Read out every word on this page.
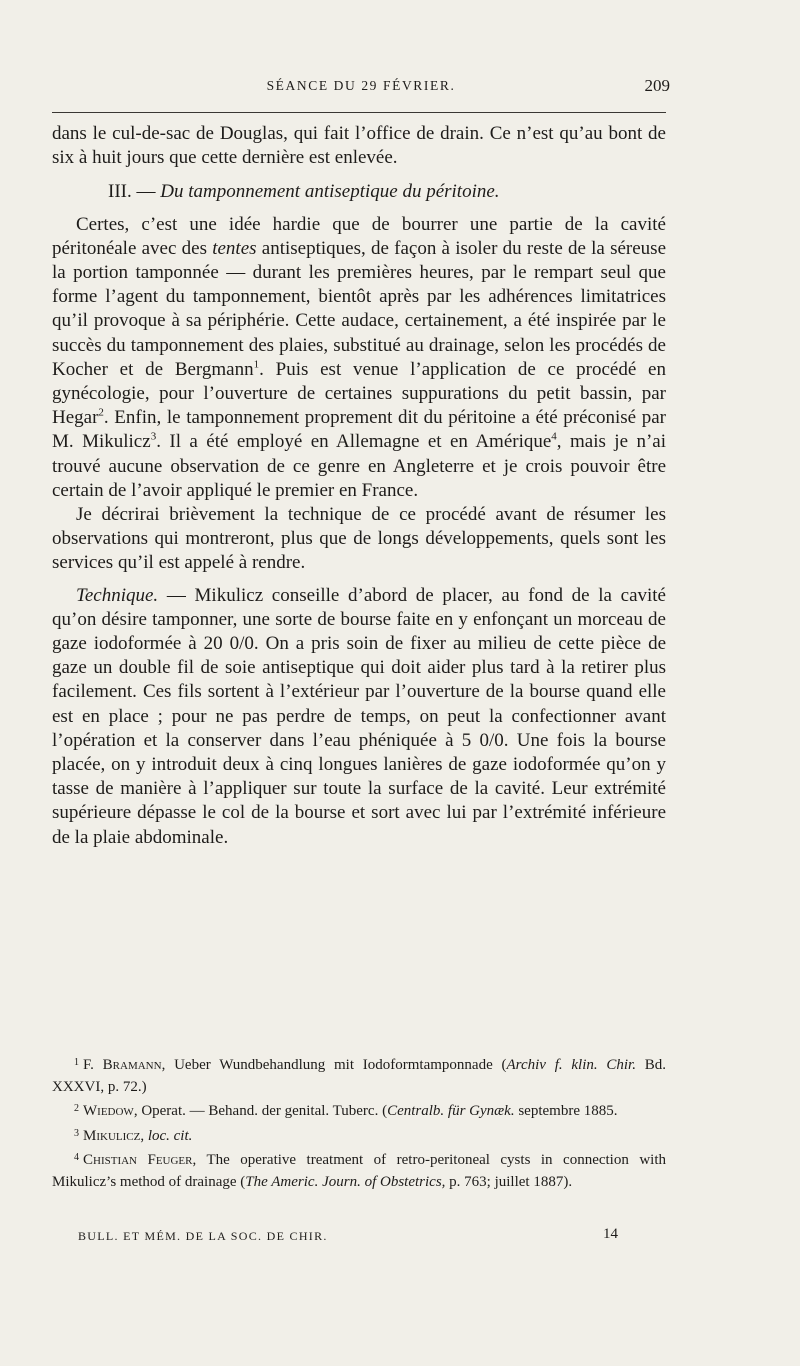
SÉANCE DU 29 FÉVRIER.	209

dans le cul-de-sac de Douglas, qui fait l’office de drain. Ce n’est qu’au bont de six à huit jours que cette dernière est enlevée.

III. — Du tamponnement antiseptique du péritoine.

Certes, c’est une idée hardie que de bourrer une partie de la cavité péritonéale avec des tentes antiseptiques, de façon à isoler du reste de la séreuse la portion tamponnée — durant les premières heures, par le rempart seul que forme l’agent du tamponnement, bientôt après par les adhérences limitatrices qu’il provoque à sa périphérie. Cette audace, certainement, a été inspirée par le succès du tamponnement des plaies, substitué au drainage, selon les procédés de Kocher et de Bergmann$^1$. Puis est venue l’application de ce procédé en gynécologie, pour l’ouverture de certaines suppurations du petit bassin, par Hegar$^2$. Enfin, le tamponnement proprement dit du péritoine a été préconisé par M. Mikulicz$^3$. Il a été employé en Allemagne et en Amérique$^4$, mais je n’ai trouvé aucune observation de ce genre en Angleterre et je crois pouvoir être certain de l’avoir appliqué le premier en France.

Je décrirai brièvement la technique de ce procédé avant de résumer les observations qui montreront, plus que de longs développements, quels sont les services qu’il est appelé à rendre.

Technique. — Mikulicz conseille d’abord de placer, au fond de la cavité qu’on désire tamponner, une sorte de bourse faite en y enfonçant un morceau de gaze iodoformée à 20 0/0. On a pris soin de fixer au milieu de cette pièce de gaze un double fil de soie antiseptique qui doit aider plus tard à la retirer plus facilement. Ces fils sortent à l’extérieur par l’ouverture de la bourse quand elle est en place ; pour ne pas perdre de temps, on peut la confectionner avant l’opération et la conserver dans l’eau phéniquée à 5 0/0. Une fois la bourse placée, on y introduit deux à cinq longues lanières de gaze iodoformée qu’on y tasse de manière à l’appliquer sur toute la surface de la cavité. Leur extrémité supérieure dépasse le col de la bourse et sort avec lui par l’extrémité inférieure de la plaie abdominale.

$^1$ F. Bramann, Ueber Wundbehandlung mit Iodoformtamponnade (Archiv f. klin. Chir. Bd. XXXVI, p. 72.)

$^2$ Wiedow, Operat. — Behand. der genital. Tuberc. (Centralb. für Gynæk. septembre 1885.

$^3$ Mikulicz, loc. cit.

$^4$ Chistian Feuger, The operative treatment of retro-peritoneal cysts in connection with Mikulicz’s method of drainage (The Americ. Journ. of Obstetrics, p. 763; juillet 1887).

BULL. ET MÉM. DE LA SOC. DE CHIR.	14
